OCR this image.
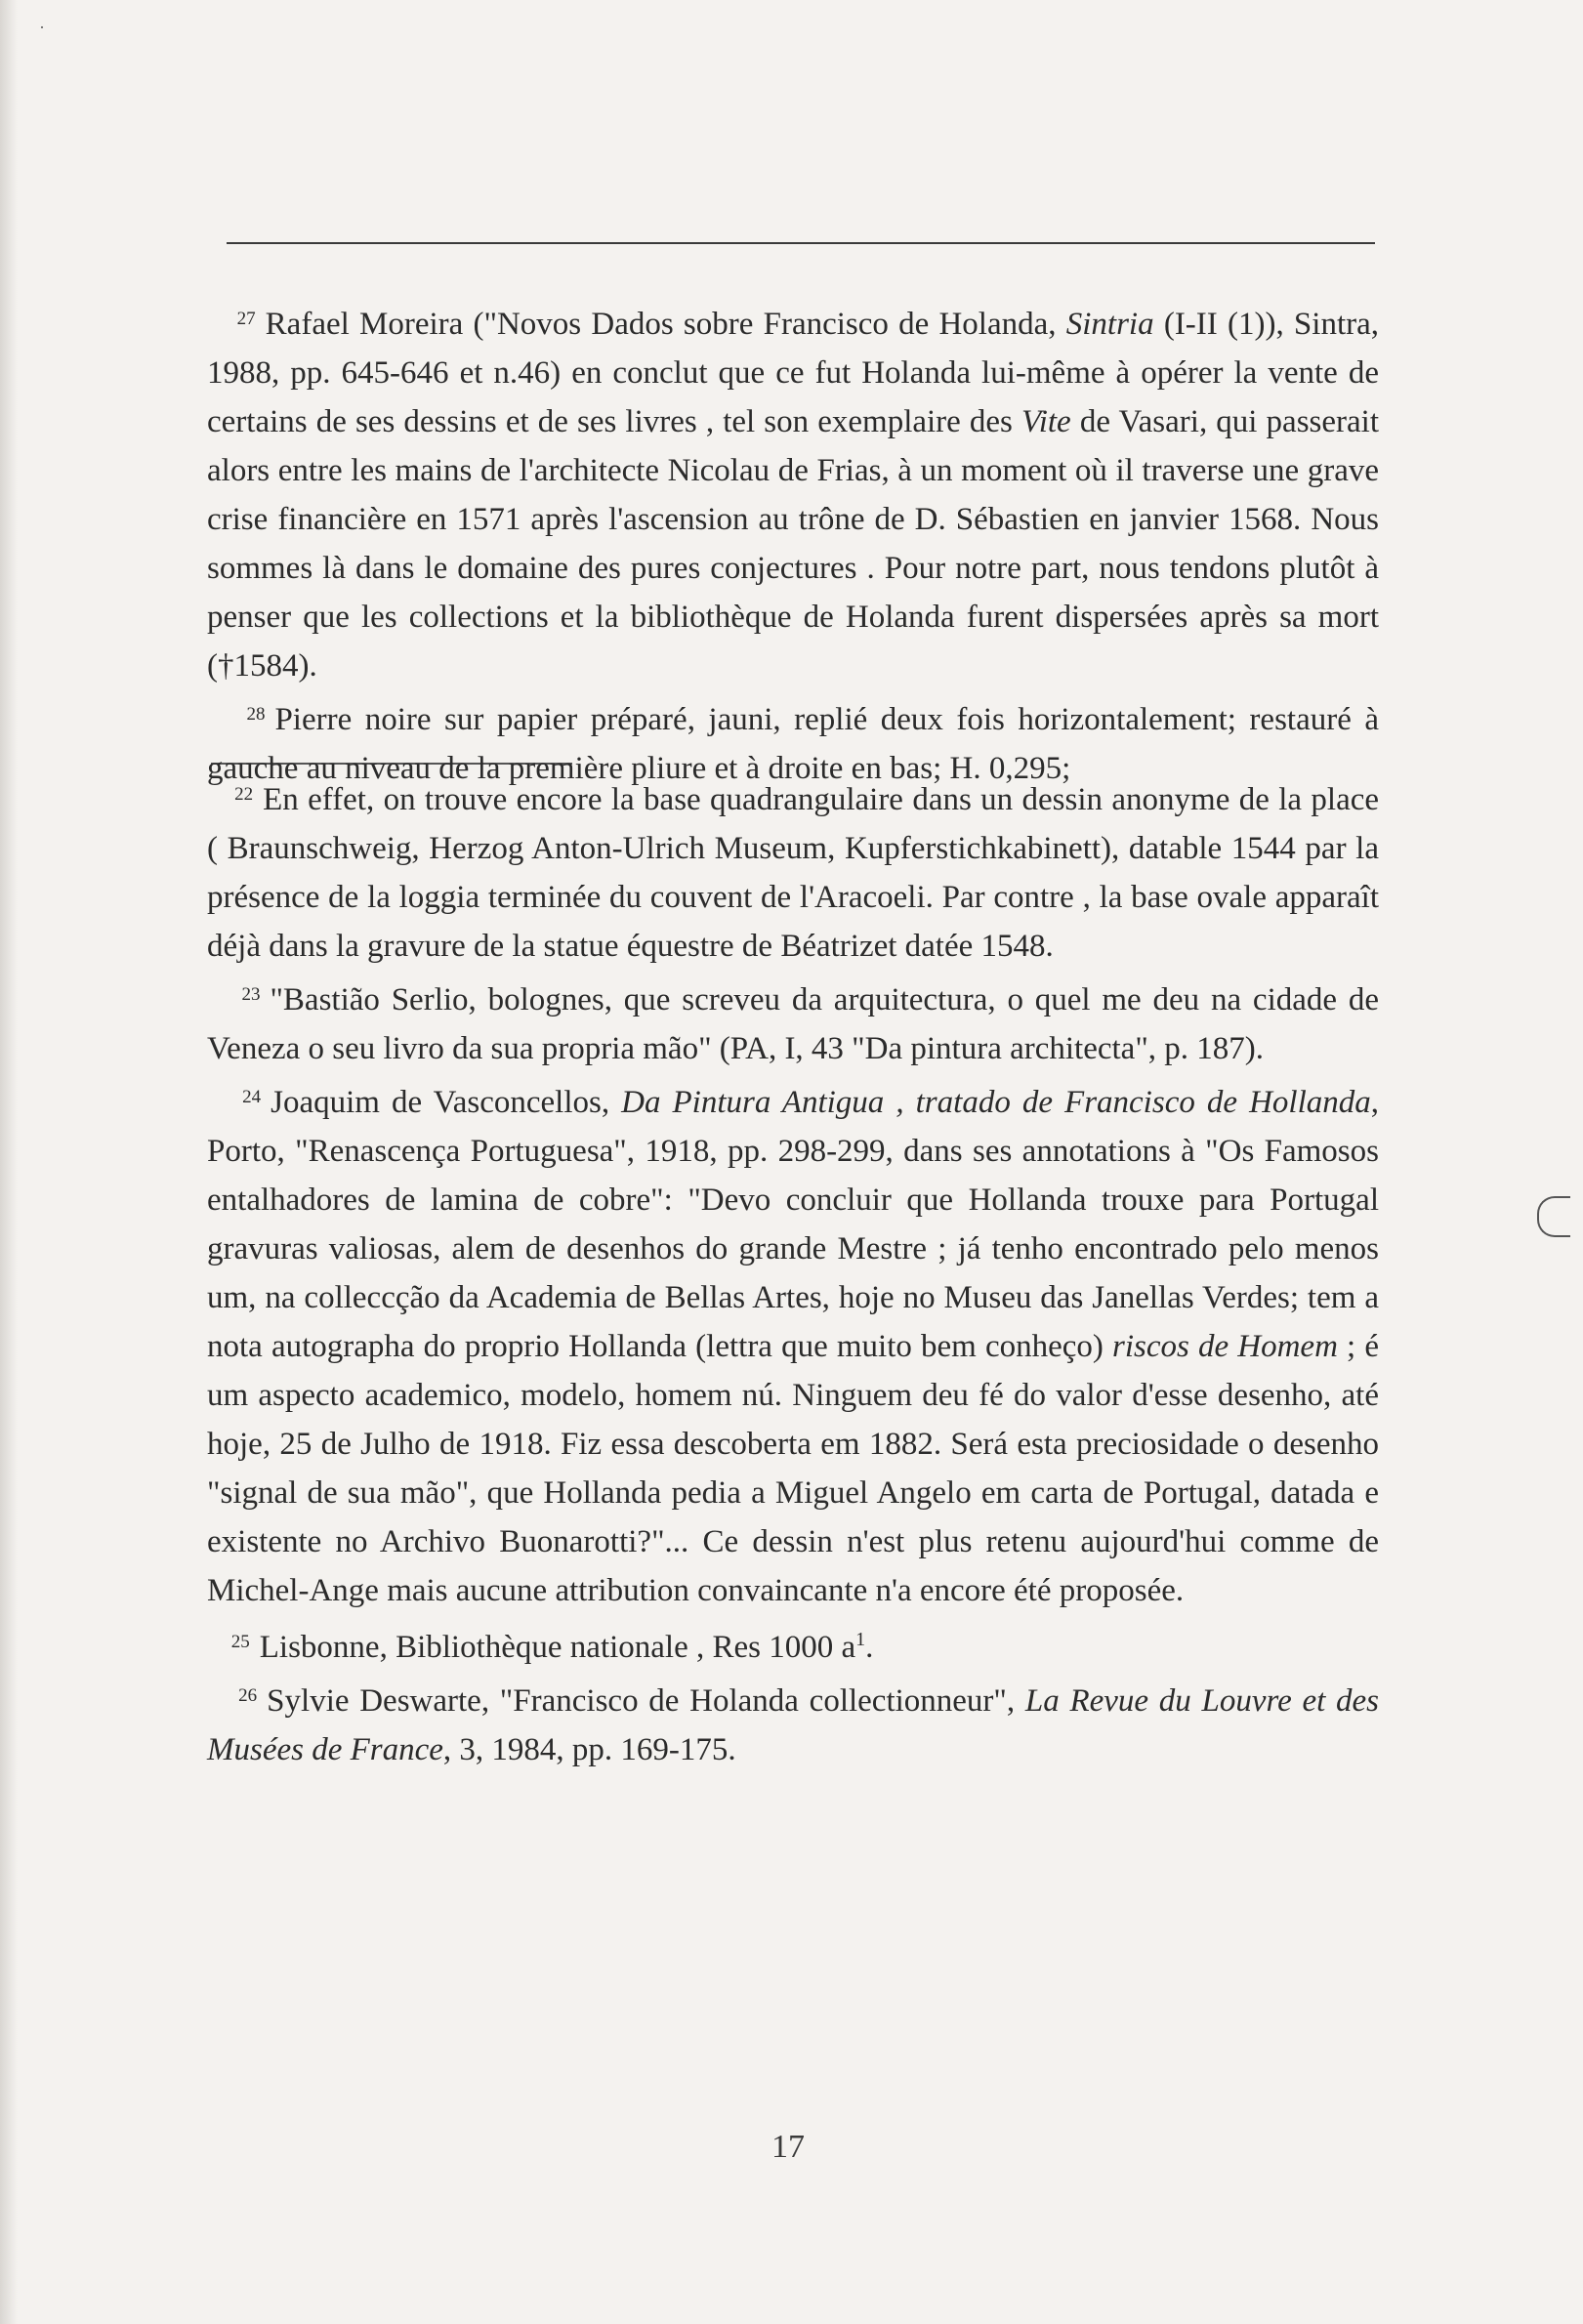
·

$^{27}$ Rafael Moreira ("Novos Dados sobre Francisco de Holanda, Sintria (I-II (1)), Sintra, 1988, pp. 645-646 et n.46) en conclut que ce fut Holanda lui-même à opérer la vente de certains de ses dessins et de ses livres , tel son exemplaire des Vite de Vasari, qui passerait alors entre les mains de l'architecte Nicolau de Frias, à un moment où il traverse une grave crise financière en 1571 après l'ascension au trône de D. Sébastien en janvier 1568. Nous sommes là dans le domaine des pures conjectures . Pour notre part, nous tendons plutôt à penser que les collections et la bibliothèque de Holanda furent dispersées après sa mort (†1584).

$^{28}$ Pierre noire sur papier préparé, jauni, replié deux fois horizontalement; restauré à gauche au niveau de la première pliure et à droite en bas; H. 0,295;

$^{22}$ En effet, on trouve encore la base quadrangulaire dans un dessin anonyme de la place ( Braunschweig, Herzog Anton-Ulrich Museum, Kupferstichkabinett), datable 1544 par la présence de la loggia terminée du couvent de l'Aracoeli. Par contre , la base ovale apparaît déjà dans la gravure de la statue équestre de Béatrizet datée 1548.

$^{23}$ "Bastião Serlio, bolognes, que screveu da arquitectura, o quel me deu na cidade de Veneza o seu livro da sua propria mão" (PA, I, 43 "Da pintura architecta", p. 187).

$^{24}$ Joaquim de Vasconcellos, Da Pintura Antigua , tratado de Francisco de Hollanda, Porto, "Renascença Portuguesa", 1918, pp. 298-299, dans ses annotations à "Os Famosos entalhadores de lamina de cobre": "Devo concluir que Hollanda trouxe para Portugal gravuras valiosas, alem de desenhos do grande Mestre ; já tenho encontrado pelo menos um, na colleccção da Academia de Bellas Artes, hoje no Museu das Janellas Verdes; tem a nota autographa do proprio Hollanda (lettra que muito bem conheço) riscos de Homem ; é um aspecto academico, modelo, homem nú. Ninguem deu fé do valor d'esse desenho, até hoje, 25 de Julho de 1918. Fiz essa descoberta em 1882. Será esta preciosidade o desenho "signal de sua mão", que Hollanda pedia a Miguel Angelo em carta de Portugal, datada e existente no Archivo Buonarotti?"... Ce dessin n'est plus retenu aujourd'hui comme de Michel-Ange mais aucune attribution convaincante n'a encore été proposée.

$^{25}$ Lisbonne, Bibliothèque nationale , Res 1000 $a^1$.

$^{26}$ Sylvie Deswarte, "Francisco de Holanda collectionneur", La Revue du Louvre et des Musées de France, 3, 1984, pp. 169-175.

17
